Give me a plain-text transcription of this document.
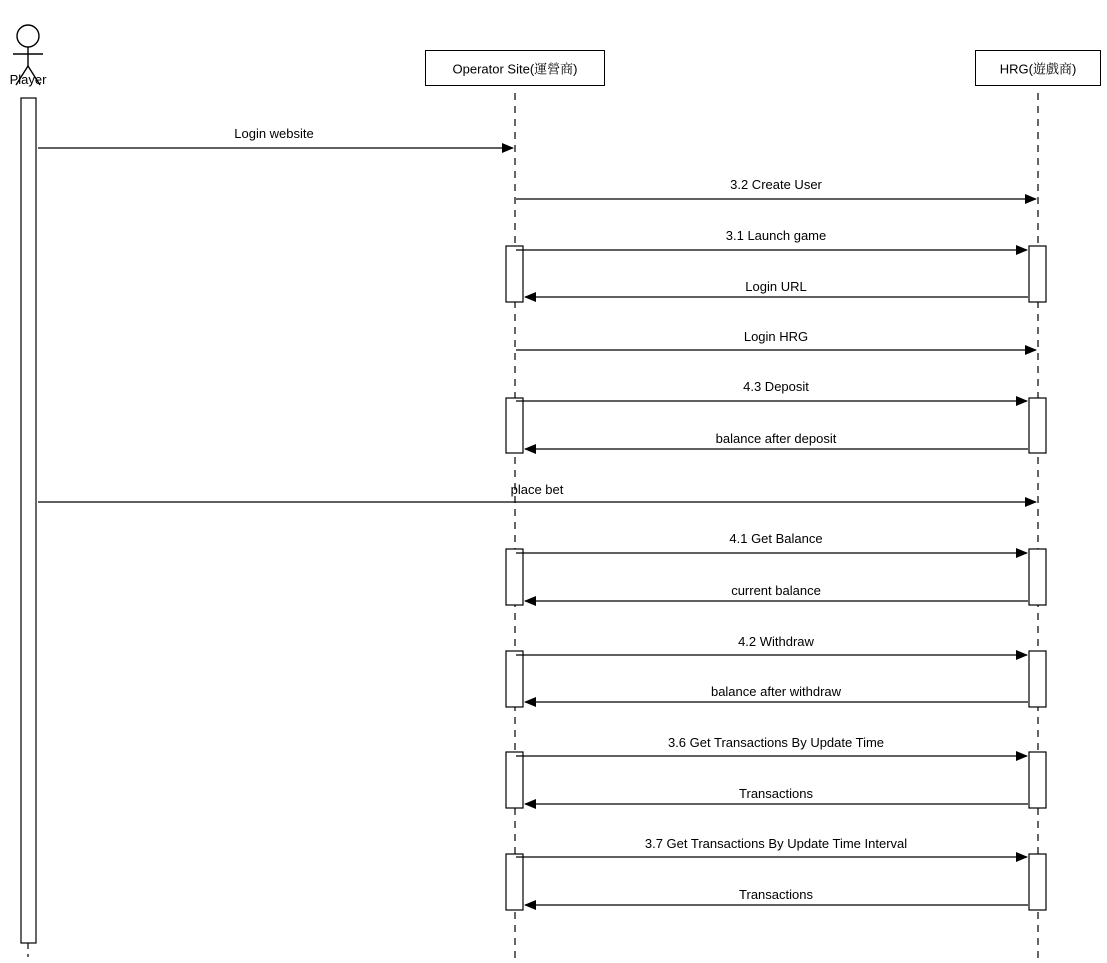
Operator Site(運營商)	HRG(遊戲商)
Player
Login website
3.2 Create User
3.1 Launch game
Login URL
Login HRG
4.3 Deposit
balance after deposit
place bet
4.1 Get Balance
current balance
4.2 Withdraw
balance after withdraw
3.6 Get Transactions By Update Time
Transactions
3.7 Get Transactions By Update Time Interval
Transactions
